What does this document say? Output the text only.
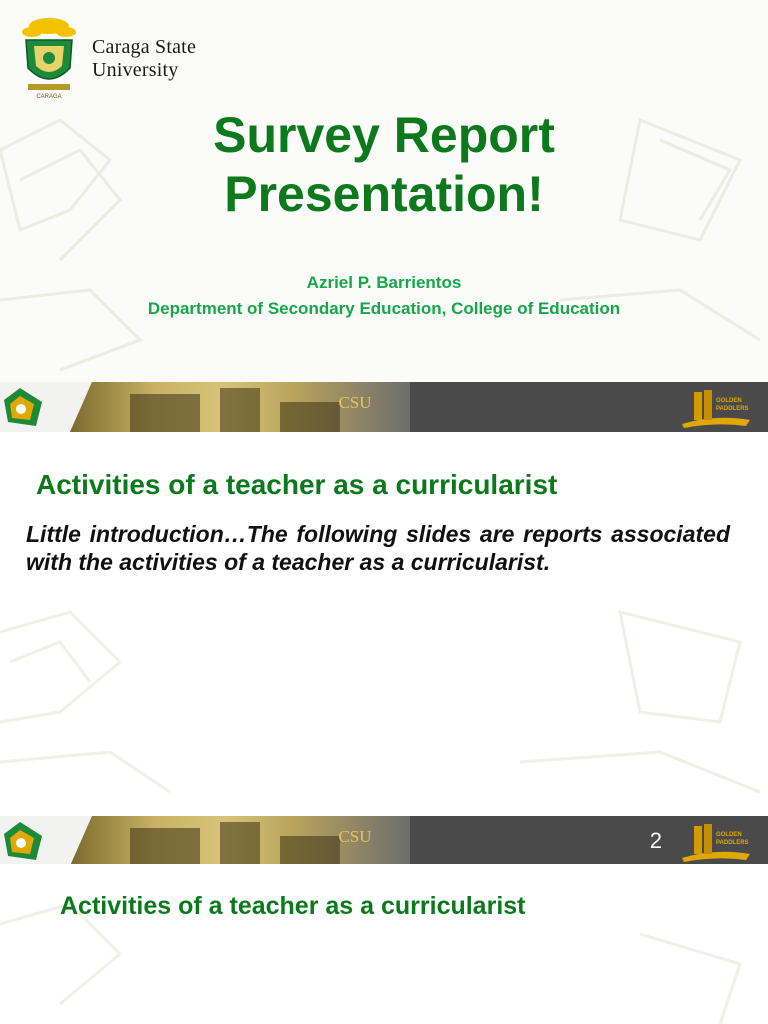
CARAGA
Caraga State
University
Survey Report
Presentation!
Azriel P. Barrientos
Department of Secondary Education, College of Education
CSU	GOLDEN
PADDLERS
Activities of a teacher as a curricularist
Little introduction…The following slides are reports associated with the activities of a teacher as a curricularist.
CSU	2	GOLDEN
PADDLERS
Activities of a teacher as a curricularist
